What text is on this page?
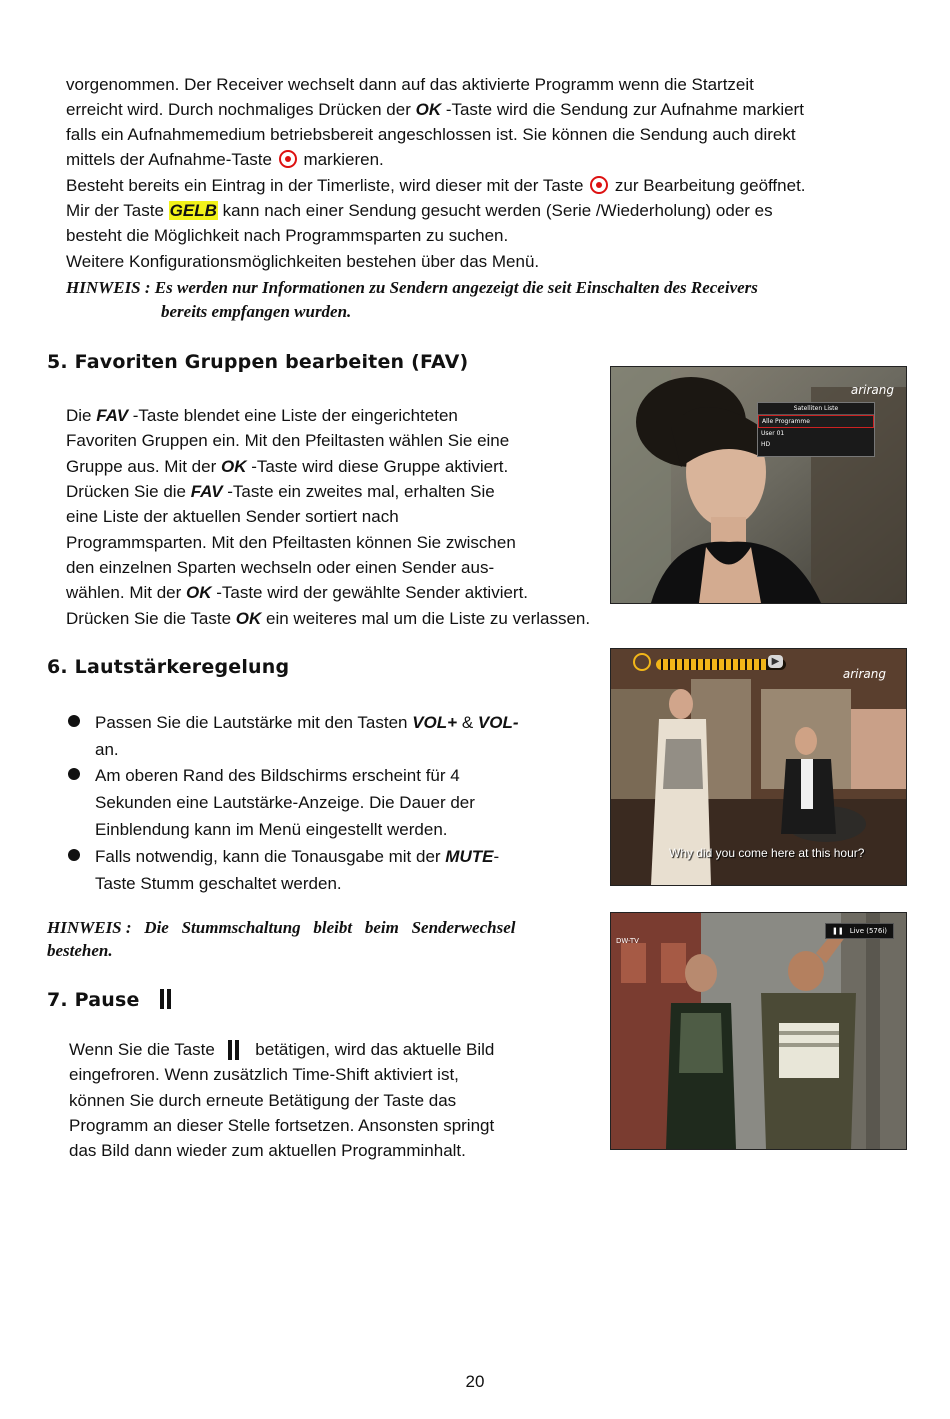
vorgenommen. Der Receiver wechselt dann auf das aktivierte Programm wenn die Startzeit

erreicht wird. Durch nochmaliges Drücken der OK -Taste wird die Sendung zur Aufnahme markiert

falls ein Aufnahmemedium betriebsbereit angeschlossen ist. Sie können die Sendung auch direkt

mittels der Aufnahme-Taste  markieren.

Besteht bereits ein Eintrag in der Timerliste, wird dieser mit der Taste  zur Bearbeitung geöffnet.

Mir der Taste GELB kann nach einer Sendung gesucht werden (Serie /Wiederholung) oder es

besteht die Möglichkeit nach Programmsparten zu suchen.

Weitere Konfigurationsmöglichkeiten bestehen über das Menü.

HINWEIS : Es werden nur Informationen zu Sendern angezeigt die seit Einschalten des Receivers
bereits empfangen wurden.
5. Favoriten Gruppen bearbeiten (FAV)

Die FAV -Taste blendet eine Liste der eingerichteten

Favoriten Gruppen ein. Mit den Pfeiltasten wählen Sie eine

Gruppe aus. Mit der OK -Taste wird diese Gruppe aktiviert.

Drücken Sie die FAV -Taste ein zweites mal, erhalten Sie

eine Liste der aktuellen Sender sortiert nach

Programmsparten. Mit den Pfeiltasten können Sie zwischen

den einzelnen Sparten wechseln oder einen Sender aus-

wählen. Mit der OK -Taste wird der gewählte Sender aktiviert.

Drücken Sie die Taste OK ein weiteres mal um die Liste zu verlassen.

arirang
Satelliten Liste
Alle Programme
User 01
HD
6. Lautstärkeregelung
Passen Sie die Lautstärke mit den Tasten VOL+ & VOL-
an.
Am oberen Rand des Bildschirms erscheint für 4
Sekunden eine Lautstärke-Anzeige. Die Dauer der
Einblendung kann im Menü eingestellt werden.
Falls notwendig, kann die Tonausgabe mit der MUTE-
Taste Stumm geschaltet werden.
HINWEIS :   Die   Stummschaltung   bleibt   beim   Senderwechsel
bestehen.
▶
arirang
Why did you come here at this hour?
7. Pause

Wenn Sie die Taste  betätigen, wird das aktuelle Bild

eingefroren. Wenn zusätzlich Time-Shift aktiviert ist,

können Sie durch erneute Betätigung der Taste das

Programm an dieser Stelle fortsetzen. Ansonsten springt

das Bild dann wieder zum aktuellen Programminhalt.

DW-TV
❚❚ Live (576i)
20
